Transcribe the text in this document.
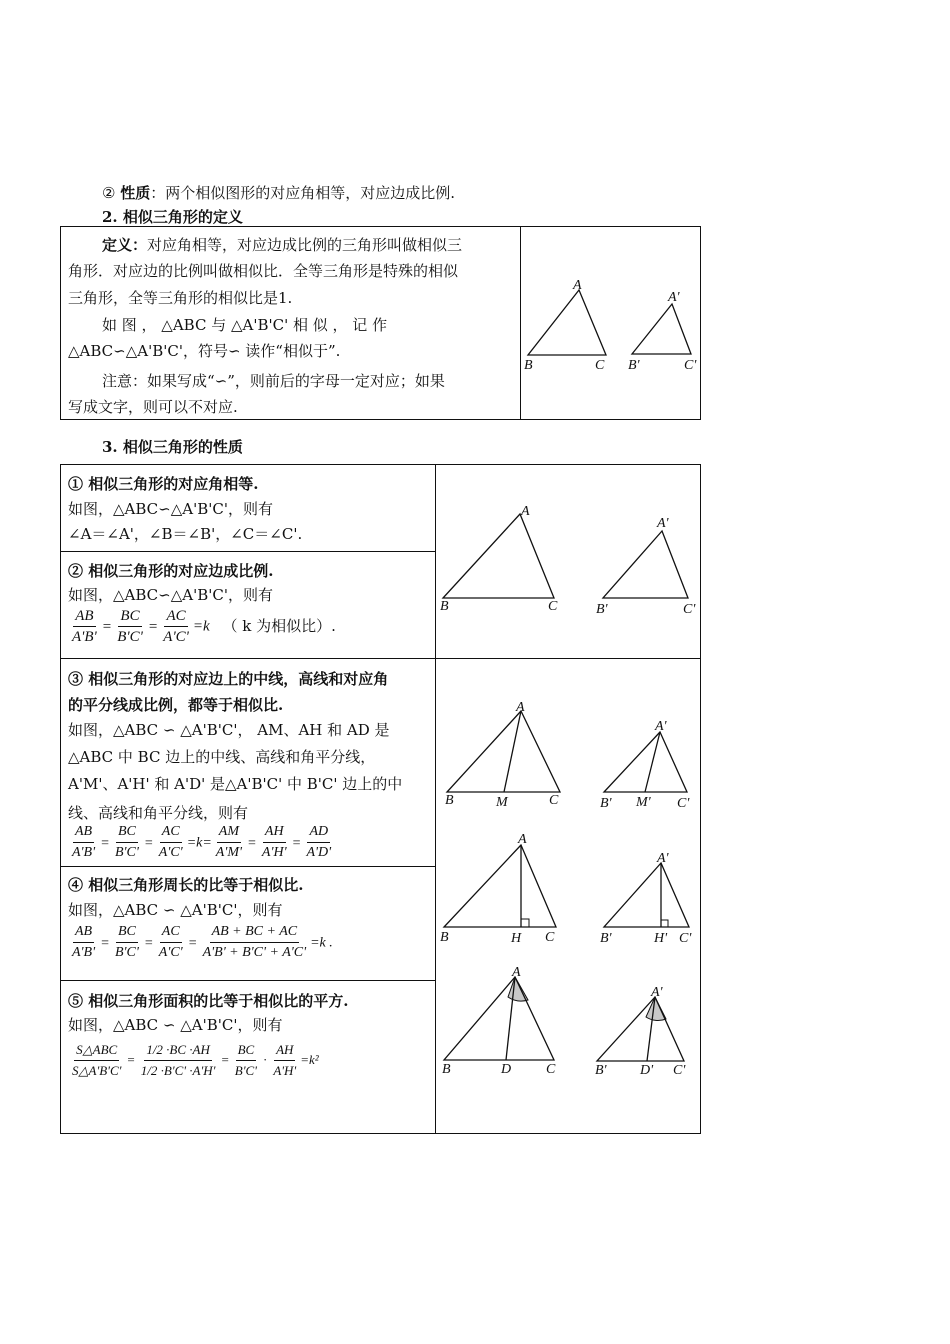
② 性质：两个相似图形的对应角相等，对应边成比例.
2. 相似三角形的定义
定义：对应角相等，对应边成比例的三角形叫做相似三
角形．对应边的比例叫做相似比．全等三角形是特殊的相似
三角形，全等三角形的相似比是1.
如 图 ， △ABC 与 △A'B'C' 相 似 ， 记 作
△ABC∽△A'B'C'，符号∽ 读作“相似于”.
注意：如果写成“∽”，则前后的字母一定对应；如果
写成文字，则可以不对应.
A
B	C
A'
B'	C'
3. 相似三角形的性质
① 相似三角形的对应角相等.
如图，△ABC∽△A'B'C'，则有
∠A＝∠A'，∠B＝∠B'，∠C＝∠C'.
② 相似三角形的对应边成比例.
如图，△ABC∽△A'B'C'，则有
$\frac{AB}{A'B'} = \frac{BC}{B'C'} = \frac{AC}{A'C'} =k$ （ k 为相似比）.
③ 相似三角形的对应边上的中线，高线和对应角
的平分线成比例，都等于相似比.
如图，△ABC ∽ △A'B'C'， AM、AH 和 AD 是
△ABC 中 BC 边上的中线、高线和角平分线，
A'M'、A'H' 和 A'D' 是△A'B'C' 中 B'C' 边上的中
线、高线和角平分线，则有
$\frac{AB}{A'B'} = \frac{BC}{B'C'} = \frac{AC}{A'C'} =k= \frac{AM}{A'M'} = \frac{AH}{A'H'} = \frac{AD}{A'D'}$
④ 相似三角形周长的比等于相似比.
如图，△ABC ∽ △A'B'C'，则有
$\frac{AB}{A'B'} = \frac{BC}{B'C'} = \frac{AC}{A'C'} = \frac{AB + BC + AC}{A'B' + B'C' + A'C'} =k$ .
⑤ 相似三角形面积的比等于相似比的平方.
如图，△ABC ∽ △A'B'C'，则有
$\frac{\text{S△ABC}}{S\triangle A'B'C'} = \frac{1/2 \cdot BC \cdot AH}{1/2 \cdot B'C' \cdot A'H'} = \frac{BC}{B'C'} \cdot \frac{AH}{A'H'} =k^2$
A
B	C
A'
B'	C'
A
B	M	C
A'
B' M' C'
A
B	H C
A'
B'	H' C'
A
B	D C
A'
B' D' C'
